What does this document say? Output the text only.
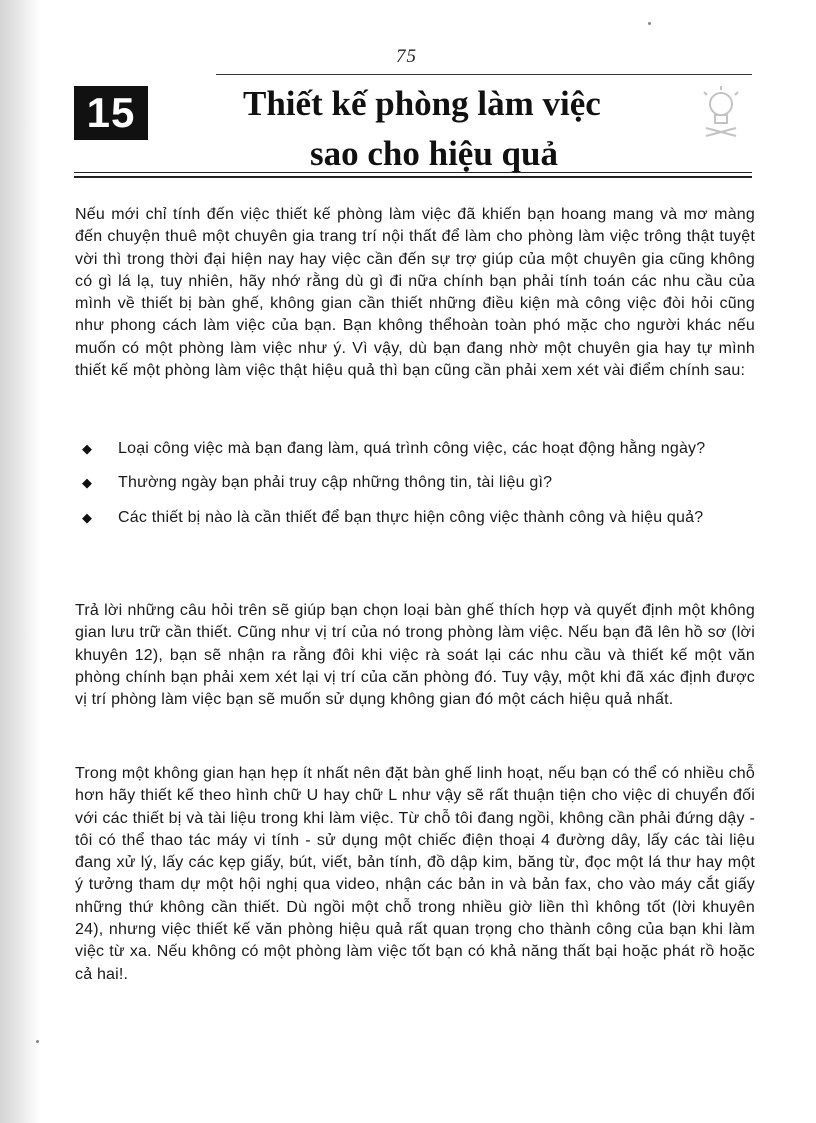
75
15	Thiết kế phòng làm việc
sao cho hiệu quả

Nếu mới chỉ tính đến việc thiết kế phòng làm việc đã khiến bạn hoang mang và mơ màng đến chuyện thuê một chuyên gia trang trí nội thất để làm cho phòng làm việc trông thật tuyệt vời thì trong thời đại hiện nay hay việc cần đến sự trợ giúp của một chuyên gia cũng không có gì lá lạ, tuy nhiên, hãy nhớ rằng dù gì đi nữa chính bạn phải tính toán các nhu cầu của mình về thiết bị bàn ghế, không gian cần thiết những điều kiện mà công việc đòi hỏi cũng như phong cách làm việc của bạn. Bạn không thểhoàn toàn phó mặc cho người khác nếu muốn có một phòng làm việc như ý. Vì vậy, dù bạn đang nhờ một chuyên gia hay tự mình thiết kế một phòng làm việc thật hiệu quả thì bạn cũng cần phải xem xét vài điểm chính sau:

◆ Loại công việc mà bạn đang làm, quá trình công việc, các hoạt động hằng ngày?
◆ Thường ngày bạn phải truy cập những thông tin, tài liệu gì?
◆ Các thiết bị nào là cần thiết để bạn thực hiện công việc thành công và hiệu quả?

Trả lời những câu hỏi trên sẽ giúp bạn chọn loại bàn ghế thích hợp và quyết định một không gian lưu trữ cần thiết. Cũng như vị trí của nó trong phòng làm việc. Nếu bạn đã lên hồ sơ (lời khuyên 12), bạn sẽ nhận ra rằng đôi khi việc rà soát lại các nhu cầu và thiết kế một văn phòng chính bạn phải xem xét lại vị trí của căn phòng đó. Tuy vậy, một khi đã xác định được vị trí phòng làm việc bạn sẽ muốn sử dụng không gian đó một cách hiệu quả nhất.

Trong một không gian hạn hẹp ít nhất nên đặt bàn ghế linh hoạt, nếu bạn có thể có nhiều chỗ hơn hãy thiết kế theo hình chữ U hay chữ L như vậy sẽ rất thuận tiện cho việc di chuyển đối với các thiết bị và tài liệu trong khi làm việc. Từ chỗ tôi đang ngồi, không cần phải đứng dậy - tôi có thể thao tác máy vi tính - sử dụng một chiếc điện thoại 4 đường dây, lấy các tài liệu đang xử lý, lấy các kẹp giấy, bút, viết, bản tính, đồ dập kim, băng từ, đọc một lá thư hay một ý tưởng tham dự một hội nghị qua video, nhận các bản in và bản fax, cho vào máy cắt giấy những thứ không cần thiết. Dù ngồi một chỗ trong nhiều giờ liền thì không tốt (lời khuyên 24), nhưng việc thiết kế văn phòng hiệu quả rất quan trọng cho thành công của bạn khi làm việc từ xa. Nếu không có một phòng làm việc tốt bạn có khả năng thất bại hoặc phát rồ hoặc cả hai!.
